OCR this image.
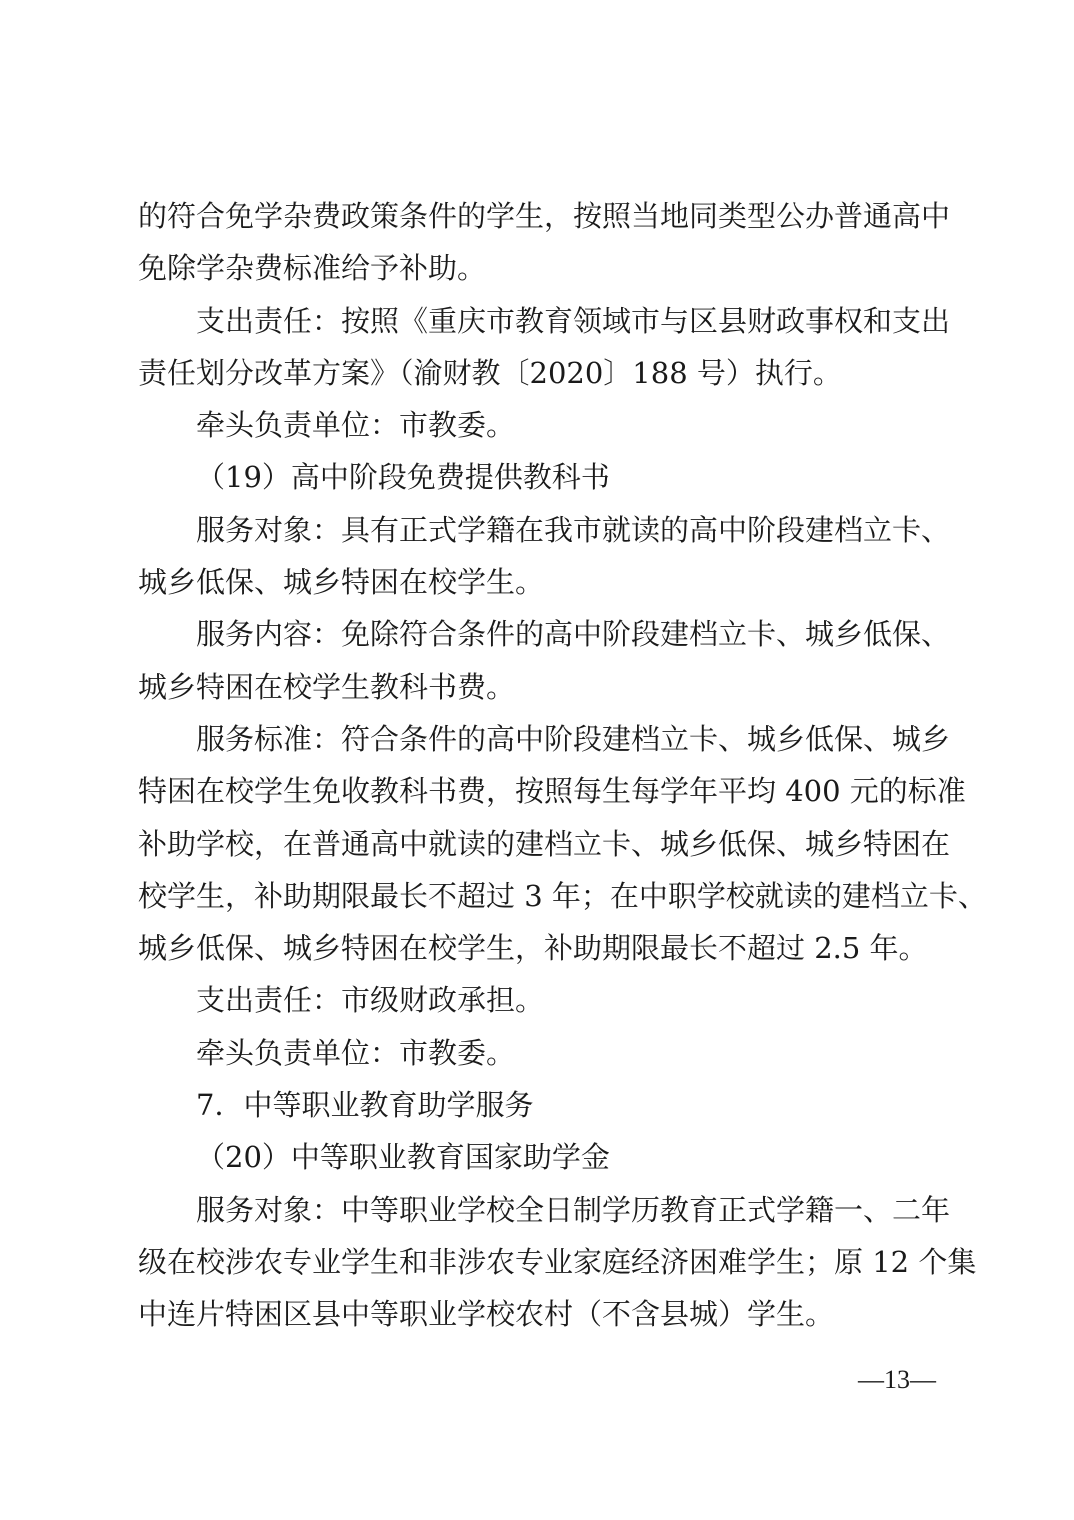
的符合免学杂费政策条件的学生，按照当地同类型公办普通高中
免除学杂费标准给予补助。
支出责任：按照《重庆市教育领域市与区县财政事权和支出
责任划分改革方案》（渝财教〔2020〕188 号）执行。
牵头负责单位：市教委。
（19）高中阶段免费提供教科书
服务对象：具有正式学籍在我市就读的高中阶段建档立卡、
城乡低保、城乡特困在校学生。
服务内容：免除符合条件的高中阶段建档立卡、城乡低保、
城乡特困在校学生教科书费。
服务标准：符合条件的高中阶段建档立卡、城乡低保、城乡
特困在校学生免收教科书费，按照每生每学年平均 400 元的标准
补助学校，在普通高中就读的建档立卡、城乡低保、城乡特困在
校学生，补助期限最长不超过 3 年；在中职学校就读的建档立卡、
城乡低保、城乡特困在校学生，补助期限最长不超过 2.5 年。
支出责任：市级财政承担。
牵头负责单位：市教委。
7．中等职业教育助学服务
（20）中等职业教育国家助学金
服务对象：中等职业学校全日制学历教育正式学籍一、二年
级在校涉农专业学生和非涉农专业家庭经济困难学生；原 12 个集
中连片特困区县中等职业学校农村（不含县城）学生。
—13—
